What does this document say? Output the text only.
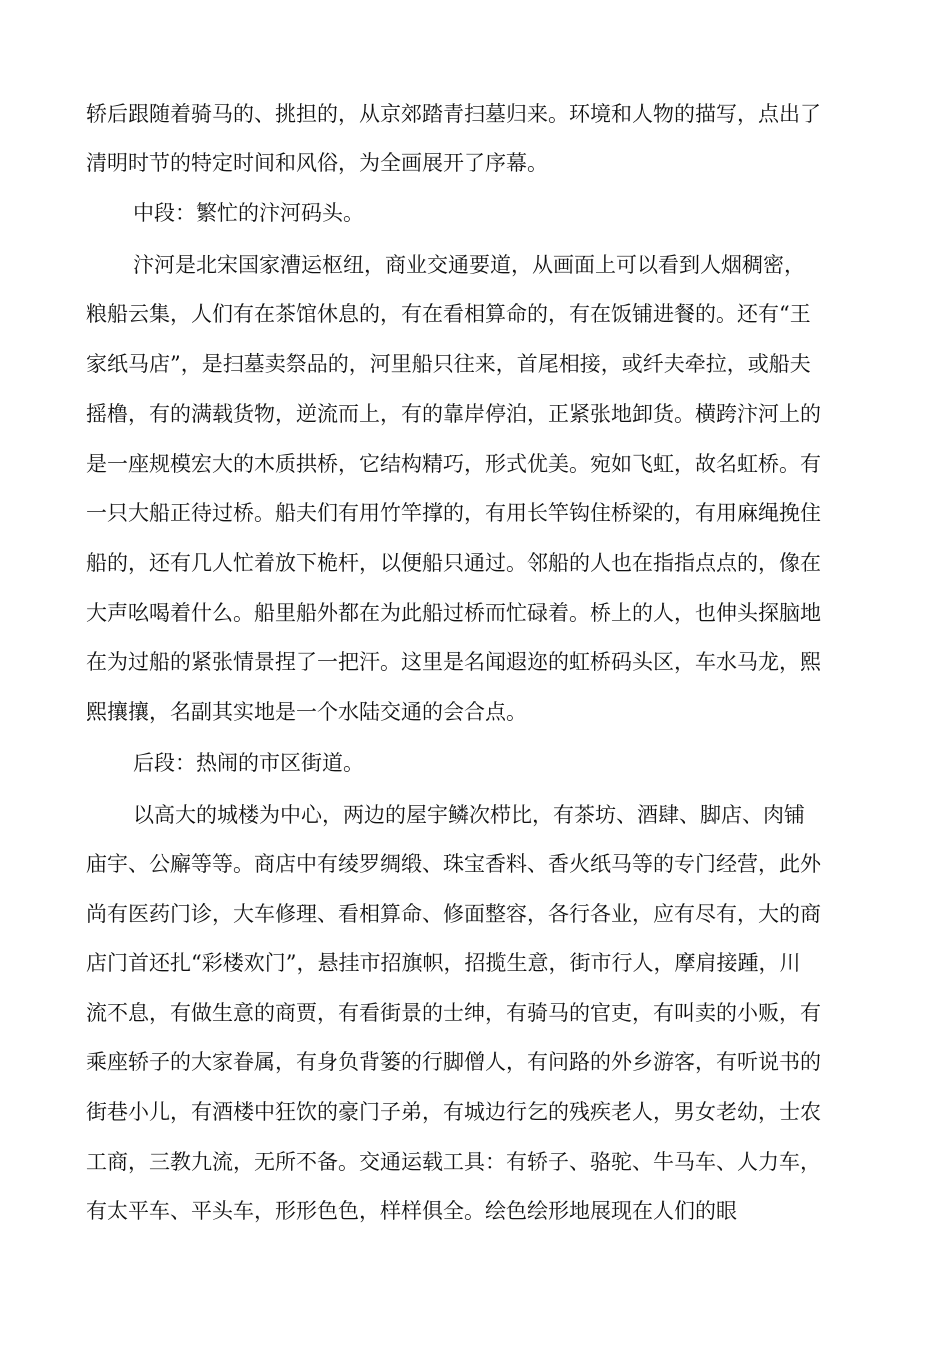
轿后跟随着骑马的、挑担的，从京郊踏青扫墓归来。环境和人物的描写，点出了
清明时节的特定时间和风俗，为全画展开了序幕。
中段：繁忙的汴河码头。
汴河是北宋国家漕运枢纽，商业交通要道，从画面上可以看到人烟稠密，
粮船云集，人们有在茶馆休息的，有在看相算命的，有在饭铺进餐的。还有“王
家纸马店”，是扫墓卖祭品的，河里船只往来，首尾相接，或纤夫牵拉，或船夫
摇橹，有的满载货物，逆流而上，有的靠岸停泊，正紧张地卸货。横跨汴河上的
是一座规模宏大的木质拱桥，它结构精巧，形式优美。宛如飞虹，故名虹桥。有
一只大船正待过桥。船夫们有用竹竿撑的，有用长竿钩住桥梁的，有用麻绳挽住
船的，还有几人忙着放下桅杆，以便船只通过。邻船的人也在指指点点的，像在
大声吆喝着什么。船里船外都在为此船过桥而忙碌着。桥上的人，也伸头探脑地
在为过船的紧张情景捏了一把汗。这里是名闻遐迩的虹桥码头区，车水马龙，熙
熙攘攘，名副其实地是一个水陆交通的会合点。
后段：热闹的市区街道。
以高大的城楼为中心，两边的屋宇鳞次栉比，有茶坊、酒肆、脚店、肉铺
庙宇、公廨等等。商店中有绫罗绸缎、珠宝香料、香火纸马等的专门经营，此外
尚有医药门诊，大车修理、看相算命、修面整容，各行各业，应有尽有，大的商
店门首还扎“彩楼欢门”，悬挂市招旗帜，招揽生意，街市行人，摩肩接踵，川
流不息，有做生意的商贾，有看街景的士绅，有骑马的官吏，有叫卖的小贩，有
乘座轿子的大家眷属，有身负背篓的行脚僧人，有问路的外乡游客，有听说书的
街巷小儿，有酒楼中狂饮的豪门子弟，有城边行乞的残疾老人，男女老幼，士农
工商，三教九流，无所不备。交通运载工具：有轿子、骆驼、牛马车、人力车，
有太平车、平头车，形形色色，样样俱全。绘色绘形地展现在人们的眼
